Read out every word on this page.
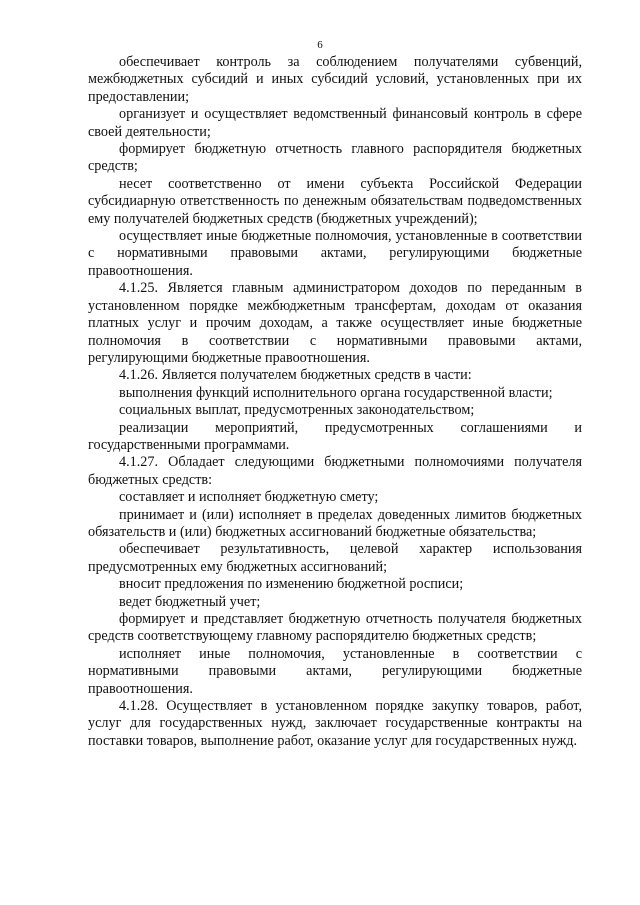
6

обеспечивает контроль за соблюдением получателями субвенций, межбюджетных субсидий и иных субсидий условий, установленных при их предоставлении;

организует и осуществляет ведомственный финансовый контроль в сфере своей деятельности;

формирует бюджетную отчетность главного распорядителя бюджетных средств;

несет соответственно от имени субъекта Российской Федерации субсидиарную ответственность по денежным обязательствам подведомственных ему получателей бюджетных средств (бюджетных учреждений);

осуществляет иные бюджетные полномочия, установленные в соответствии с нормативными правовыми актами, регулирующими бюджетные правоотношения.

4.1.25. Является главным администратором доходов по переданным в установленном порядке межбюджетным трансфертам, доходам от оказания платных услуг и прочим доходам, а также осуществляет иные бюджетные полномочия в соответствии с нормативными правовыми актами, регулирующими бюджетные правоотношения.

4.1.26. Является получателем бюджетных средств в части:

выполнения функций исполнительного органа государственной власти;

социальных выплат, предусмотренных законодательством;

реализации мероприятий, предусмотренных соглашениями и государственными программами.

4.1.27. Обладает следующими бюджетными полномочиями получателя бюджетных средств:

составляет и исполняет бюджетную смету;

принимает и (или) исполняет в пределах доведенных лимитов бюджетных обязательств и (или) бюджетных ассигнований бюджетные обязательства;

обеспечивает результативность, целевой характер использования предусмотренных ему бюджетных ассигнований;

вносит предложения по изменению бюджетной росписи;

ведет бюджетный учет;

формирует и представляет бюджетную отчетность получателя бюджетных средств соответствующему главному распорядителю бюджетных средств;

исполняет иные полномочия, установленные в соответствии с нормативными правовыми актами, регулирующими бюджетные правоотношения.

4.1.28. Осуществляет в установленном порядке закупку товаров, работ, услуг для государственных нужд, заключает государственные контракты на поставки товаров, выполнение работ, оказание услуг для государственных нужд.
